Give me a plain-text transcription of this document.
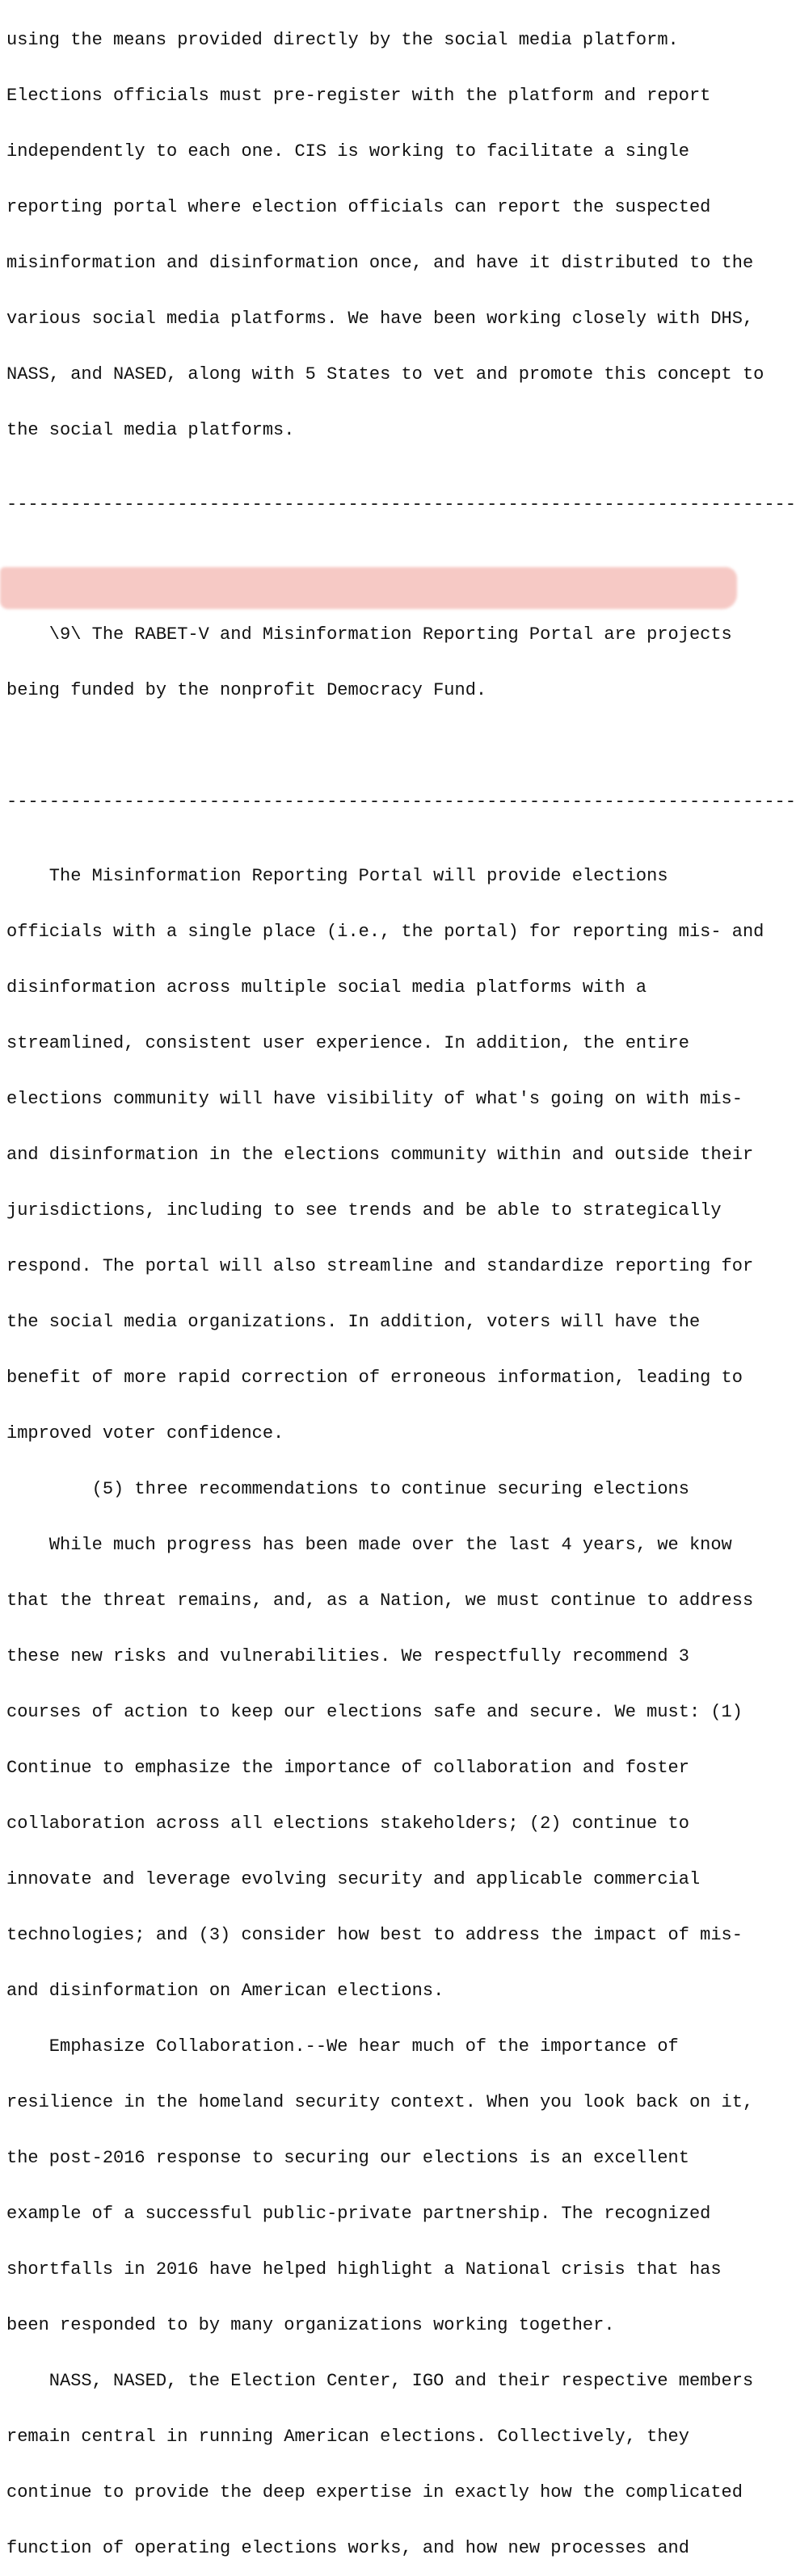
using the means provided directly by the social media platform.

Elections officials must pre-register with the platform and report

independently to each one. CIS is working to facilitate a single

reporting portal where election officials can report the suspected

misinformation and disinformation once, and have it distributed to the

various social media platforms. We have been working closely with DHS,

NASS, and NASED, along with 5 States to vet and promote this concept to

the social media platforms.

--------------------------------------------------------------------------

\9\ The RABET-V and Misinformation Reporting Portal are projects

being funded by the nonprofit Democracy Fund.

--------------------------------------------------------------------------

The Misinformation Reporting Portal will provide elections

officials with a single place (i.e., the portal) for reporting mis- and

disinformation across multiple social media platforms with a

streamlined, consistent user experience. In addition, the entire

elections community will have visibility of what's going on with mis-

and disinformation in the elections community within and outside their

jurisdictions, including to see trends and be able to strategically

respond. The portal will also streamline and standardize reporting for

the social media organizations. In addition, voters will have the

benefit of more rapid correction of erroneous information, leading to

improved voter confidence.

(5) three recommendations to continue securing elections

While much progress has been made over the last 4 years, we know

that the threat remains, and, as a Nation, we must continue to address

these new risks and vulnerabilities. We respectfully recommend 3

courses of action to keep our elections safe and secure. We must: (1)

Continue to emphasize the importance of collaboration and foster

collaboration across all elections stakeholders; (2) continue to

innovate and leverage evolving security and applicable commercial

technologies; and (3) consider how best to address the impact of mis-

and disinformation on American elections.

Emphasize Collaboration.--We hear much of the importance of

resilience in the homeland security context. When you look back on it,

the post-2016 response to securing our elections is an excellent

example of a successful public-private partnership. The recognized

shortfalls in 2016 have helped highlight a National crisis that has

been responded to by many organizations working together.

NASS, NASED, the Election Center, IGO and their respective members

remain central in running American elections. Collectively, they

continue to provide the deep expertise in exactly how the complicated

function of operating elections works, and how new processes and
